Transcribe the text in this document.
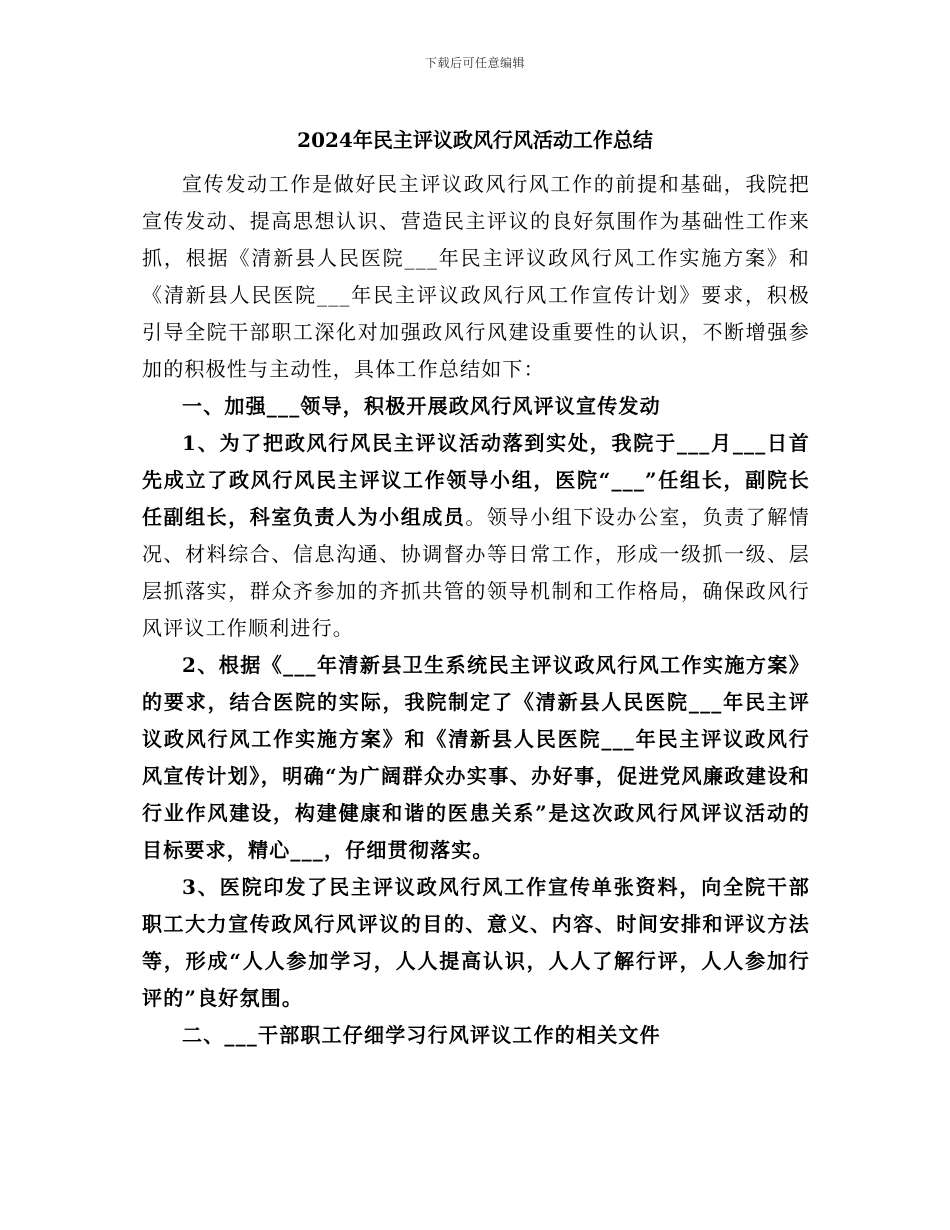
下载后可任意编辑
2024年民主评议政风行风活动工作总结

宣传发动工作是做好民主评议政风行风工作的前提和基础，我院把宣传发动、提高思想认识、营造民主评议的良好氛围作为基础性工作来抓，根据《清新县人民医院___年民主评议政风行风工作实施方案》和《清新县人民医院___年民主评议政风行风工作宣传计划》要求，积极引导全院干部职工深化对加强政风行风建设重要性的认识，不断增强参加的积极性与主动性，具体工作总结如下：

一、加强___领导，积极开展政风行风评议宣传发动

1、为了把政风行风民主评议活动落到实处，我院于___月___日首先成立了政风行风民主评议工作领导小组，医院“___”任组长，副院长任副组长，科室负责人为小组成员。领导小组下设办公室，负责了解情况、材料综合、信息沟通、协调督办等日常工作，形成一级抓一级、层层抓落实，群众齐参加的齐抓共管的领导机制和工作格局，确保政风行风评议工作顺利进行。

2、根据《___年清新县卫生系统民主评议政风行风工作实施方案》的要求，结合医院的实际，我院制定了《清新县人民医院___年民主评议政风行风工作实施方案》和《清新县人民医院___年民主评议政风行风宣传计划》，明确“为广阔群众办实事、办好事，促进党风廉政建设和行业作风建设，构建健康和谐的医患关系”是这次政风行风评议活动的目标要求，精心___，仔细贯彻落实。

3、医院印发了民主评议政风行风工作宣传单张资料，向全院干部职工大力宣传政风行风评议的目的、意义、内容、时间安排和评议方法等，形成“人人参加学习，人人提高认识，人人了解行评，人人参加行评的”良好氛围。

二、___干部职工仔细学习行风评议工作的相关文件
